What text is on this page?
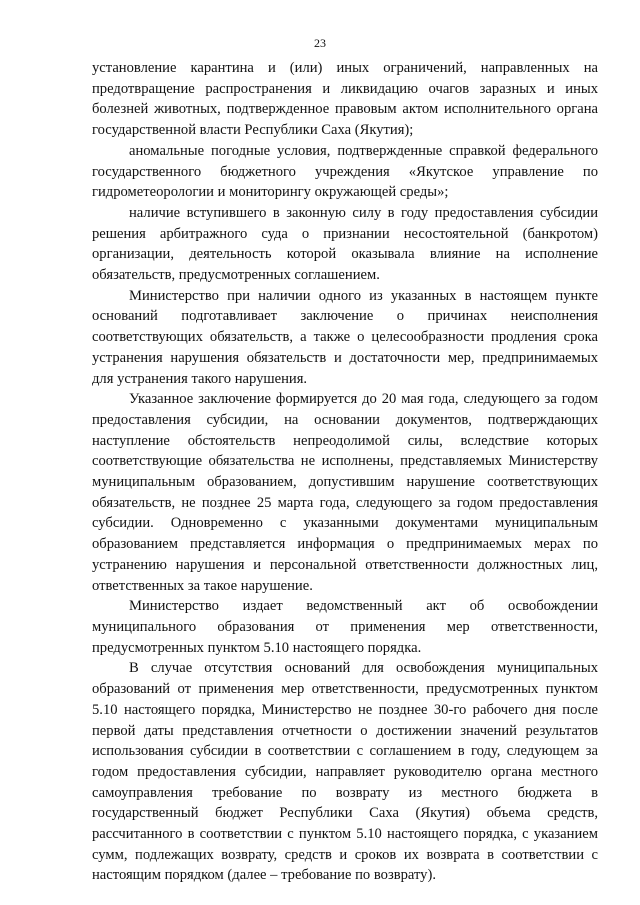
23

установление карантина и (или) иных ограничений, направленных на предотвращение распространения и ликвидацию очагов заразных и иных болезней животных, подтвержденное правовым актом исполнительного органа государственной власти Республики Саха (Якутия);

аномальные погодные условия, подтвержденные справкой федерального государственного бюджетного учреждения «Якутское управление по гидрометеорологии и мониторингу окружающей среды»;

наличие вступившего в законную силу в году предоставления субсидии решения арбитражного суда о признании несостоятельной (банкротом) организации, деятельность которой оказывала влияние на исполнение обязательств, предусмотренных соглашением.

Министерство при наличии одного из указанных в настоящем пункте оснований подготавливает заключение о причинах неисполнения соответствующих обязательств, а также о целесообразности продления срока устранения нарушения обязательств и достаточности мер, предпринимаемых для устранения такого нарушения.

Указанное заключение формируется до 20 мая года, следующего за годом предоставления субсидии, на основании документов, подтверждающих наступление обстоятельств непреодолимой силы, вследствие которых соответствующие обязательства не исполнены, представляемых Министерству муниципальным образованием, допустившим нарушение соответствующих обязательств, не позднее 25 марта года, следующего за годом предоставления субсидии. Одновременно с указанными документами муниципальным образованием представляется информация о предпринимаемых мерах по устранению нарушения и персональной ответственности должностных лиц, ответственных за такое нарушение.

Министерство издает ведомственный акт об освобождении муниципального образования от применения мер ответственности, предусмотренных пунктом 5.10 настоящего порядка.

В случае отсутствия оснований для освобождения муниципальных образований от применения мер ответственности, предусмотренных пунктом 5.10 настоящего порядка, Министерство не позднее 30-го рабочего дня после первой даты представления отчетности о достижении значений результатов использования субсидии в соответствии с соглашением в году, следующем за годом предоставления субсидии, направляет руководителю органа местного самоуправления требование по возврату из местного бюджета в государственный бюджет Республики Саха (Якутия) объема средств, рассчитанного в соответствии с пунктом 5.10 настоящего порядка, с указанием сумм, подлежащих возврату, средств и сроков их возврата в соответствии с настоящим порядком (далее – требование по возврату).
